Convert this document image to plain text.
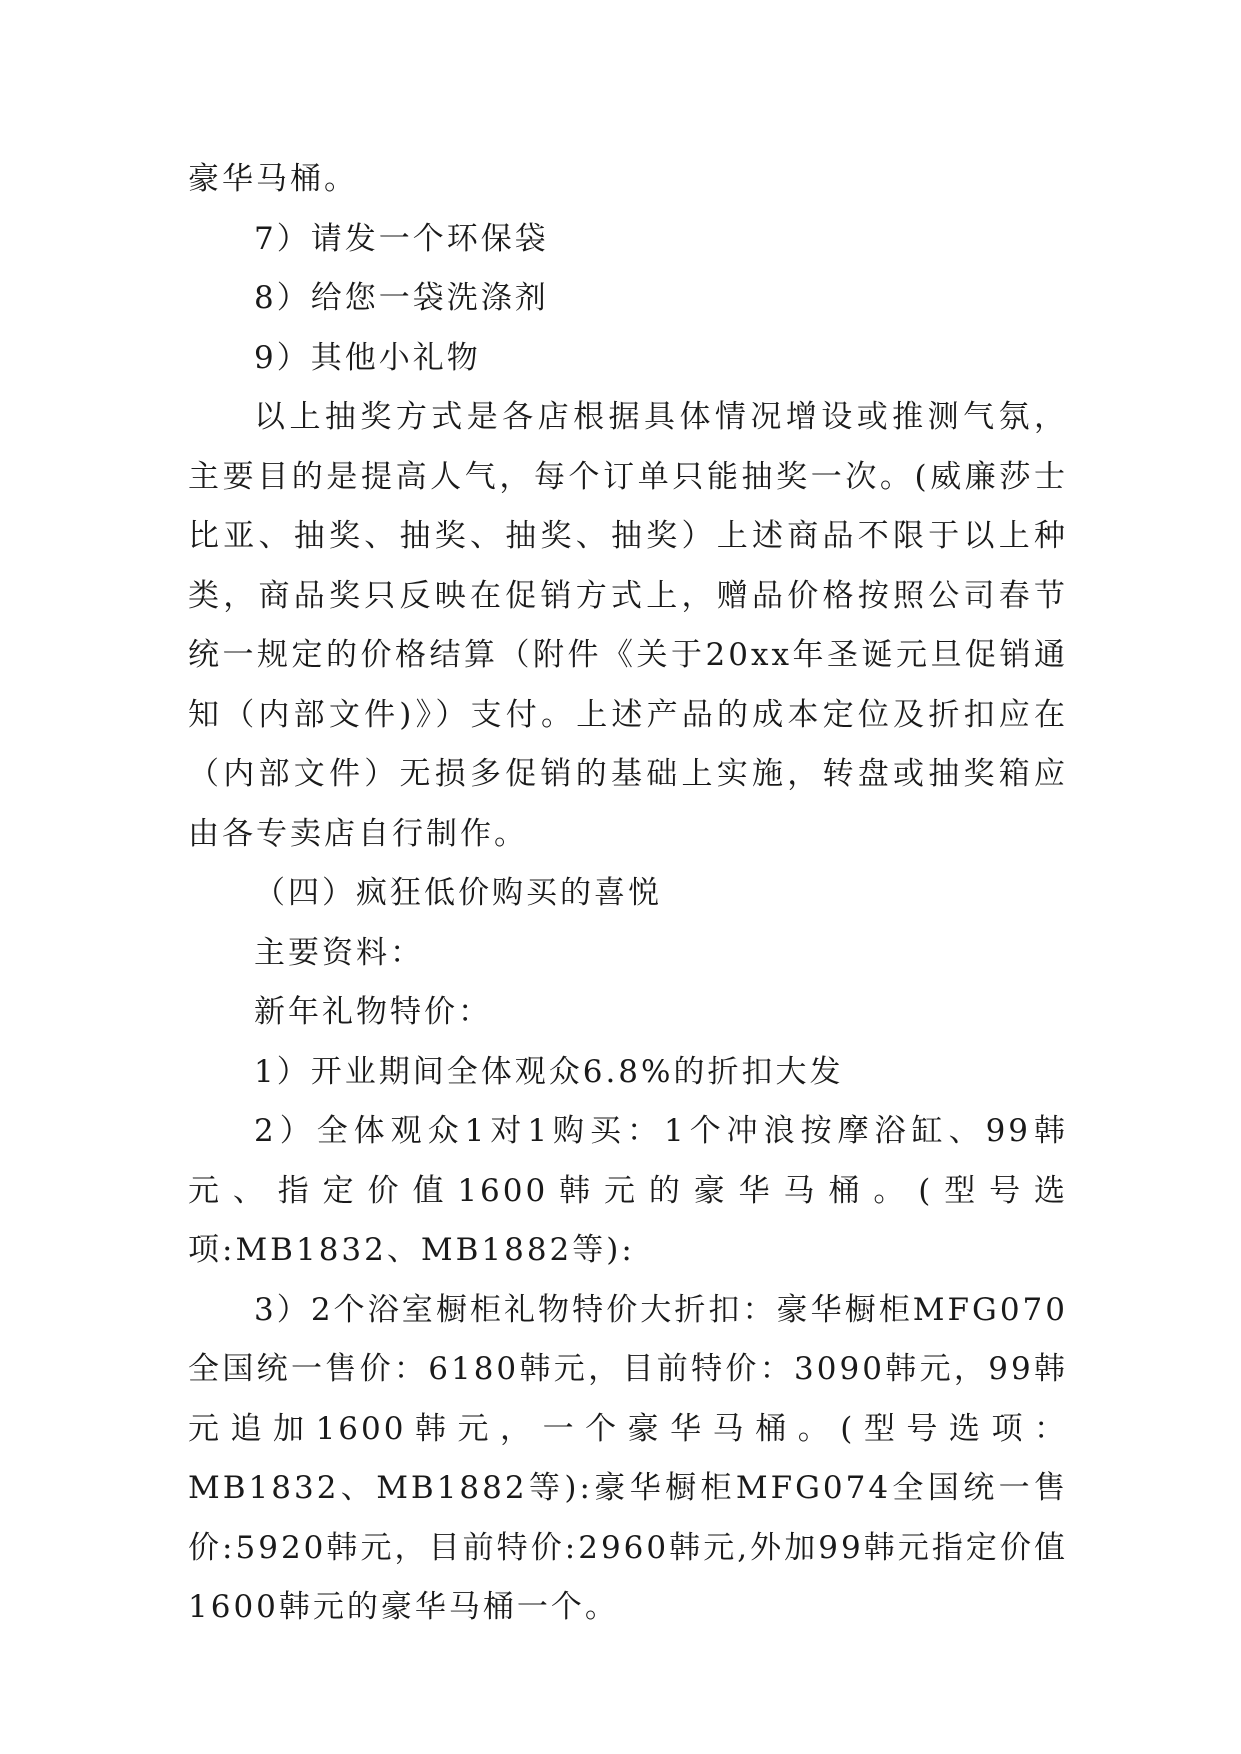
豪华马桶。

7）请发一个环保袋

8）给您一袋洗涤剂

9）其他小礼物

以上抽奖方式是各店根据具体情况增设或推测气氛，主要目的是提高人气，每个订单只能抽奖一次。(威廉莎士比亚、抽奖、抽奖、抽奖、抽奖）上述商品不限于以上种类，商品奖只反映在促销方式上，赠品价格按照公司春节统一规定的价格结算（附件《关于20xx年圣诞元旦促销通知（内部文件)》）支付。上述产品的成本定位及折扣应在（内部文件）无损多促销的基础上实施，转盘或抽奖箱应由各专卖店自行制作。

（四）疯狂低价购买的喜悦

主要资料：

新年礼物特价：

1）开业期间全体观众6.8%的折扣大发

2）全体观众1对1购买：1个冲浪按摩浴缸、99韩元、指定价值1600韩元的豪华马桶。(型号选项:MB1832、MB1882等):

3）2个浴室橱柜礼物特价大折扣：豪华橱柜MFG070全国统一售价：6180韩元，目前特价：3090韩元，99韩元追加1600韩元，一个豪华马桶。(型号选项：MB1832、MB1882等):豪华橱柜MFG074全国统一售价:5920韩元，目前特价:2960韩元,外加99韩元指定价值1600韩元的豪华马桶一个。
